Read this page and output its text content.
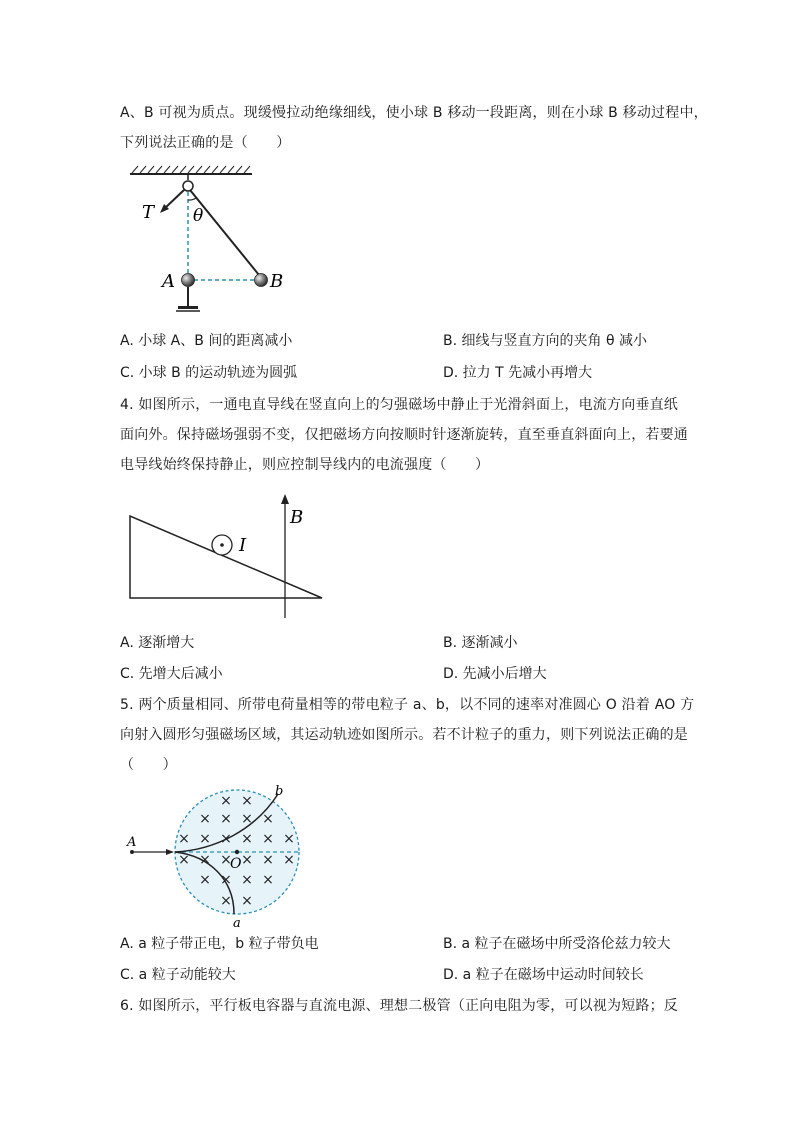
A、B 可视为质点。现缓慢拉动绝缘细线，使小球 B 移动一段距离，则在小球 B 移动过程中，
下列说法正确的是（　　）
T θ
A	B
A. 小球 A、B 间的距离减小	B. 细线与竖直方向的夹角 θ 减小
C. 小球 B 的运动轨迹为圆弧	D. 拉力 T 先减小再增大
4. 如图所示，一通电直导线在竖直向上的匀强磁场中静止于光滑斜面上，电流方向垂直纸
面向外。保持磁场强弱不变，仅把磁场方向按顺时针逐渐旋转，直至垂直斜面向上，若要通
电导线始终保持静止，则应控制导线内的电流强度（　　）
B
I
A. 逐渐增大	B. 逐渐减小
C. 先增大后减小	D. 先减小后增大
5. 两个质量相同、所带电荷量相等的带电粒子 a、b，以不同的速率对准圆心 O 沿着 AO 方
向射入圆形匀强磁场区域，其运动轨迹如图所示。若不计粒子的重力，则下列说法正确的是
（　　）
A
× ×
× × × ×
× × × × × ×
× × × × × ×
× × × ×
× ×
O
b
a
A. a 粒子带正电，b 粒子带负电	B. a 粒子在磁场中所受洛伦兹力较大
C. a 粒子动能较大	D. a 粒子在磁场中运动时间较长
6. 如图所示，平行板电容器与直流电源、理想二极管（正向电阻为零，可以视为短路；反
